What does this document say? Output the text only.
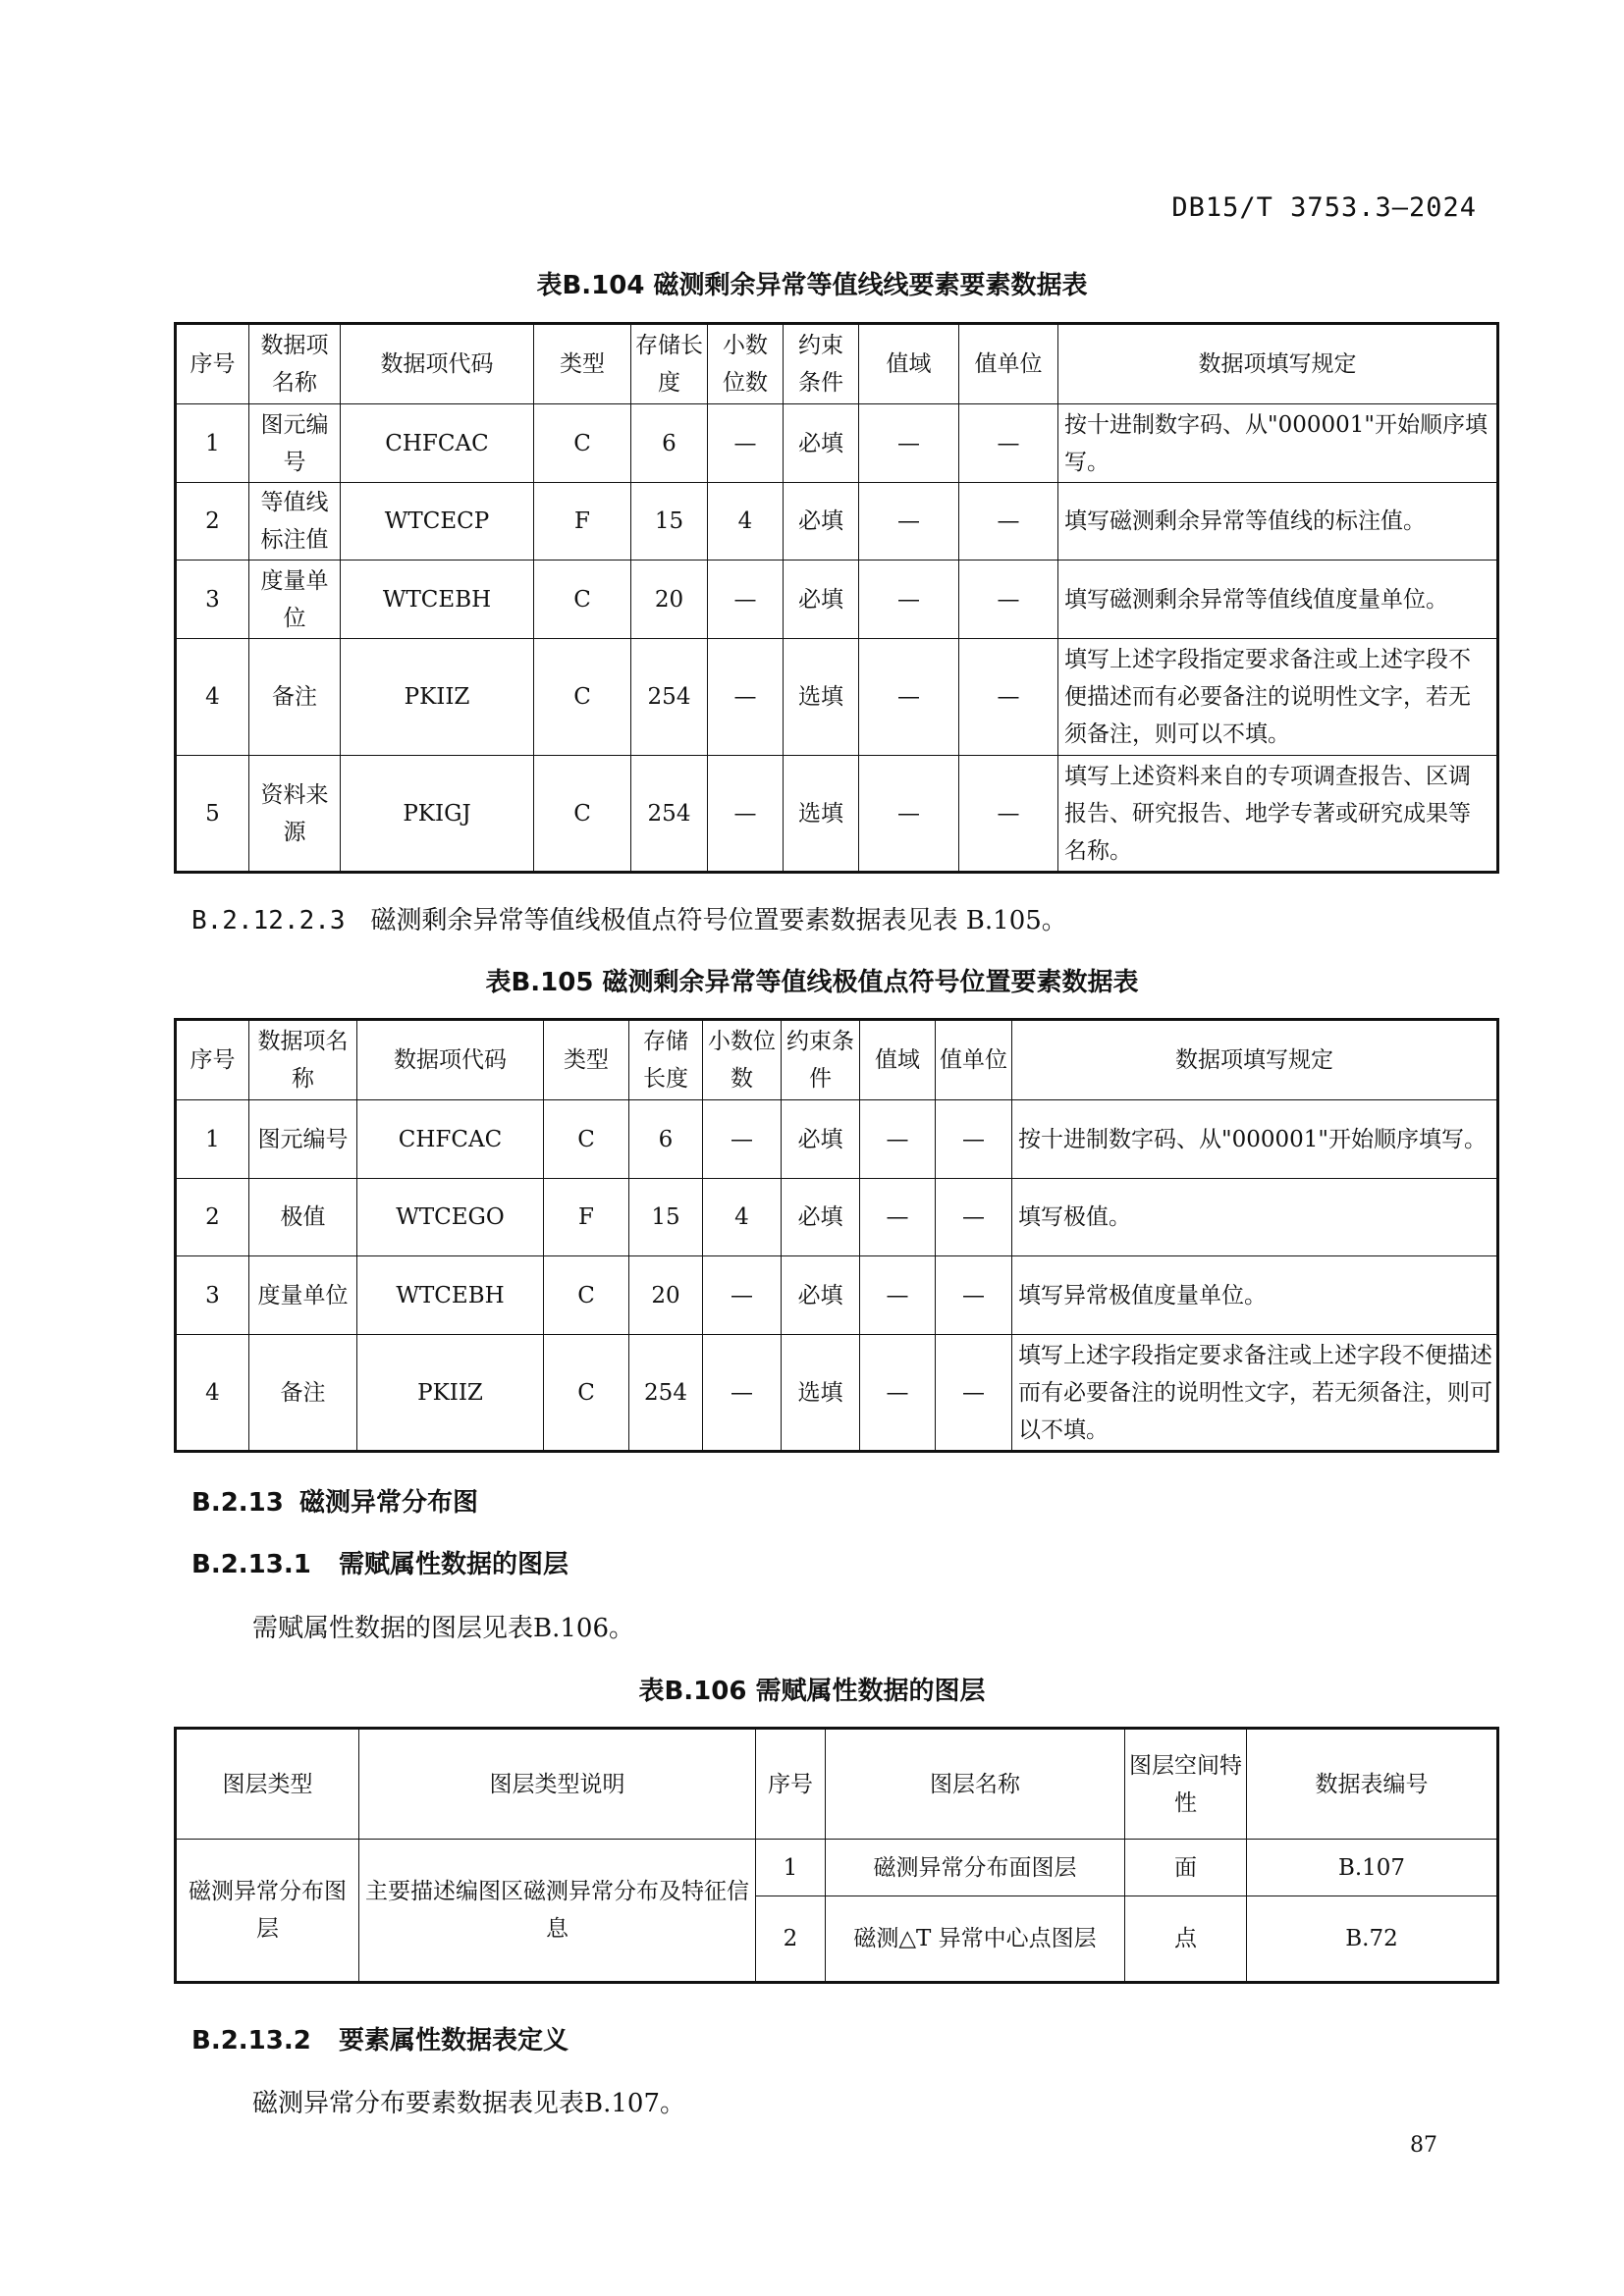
DB15/T 3753.3—2024
表B.104 磁测剩余异常等值线线要素要素数据表
序号	数据项名称	数据项代码	类型	存储长度	小数位数	约束条件	值域	值单位	数据项填写规定
1	图元编号	CHFCAC	C	6	—	必填	—	—	按十进制数字码、从"000001"开始顺序填写。
2	等值线标注值	WTCECP	F	15	4	必填	—	—	填写磁测剩余异常等值线的标注值。
3	度量单位	WTCEBH	C	20	—	必填	—	—	填写磁测剩余异常等值线值度量单位。
4	备注	PKIIZ	C	254	—	选填	—	—	填写上述字段指定要求备注或上述字段不便描述而有必要备注的说明性文字，若无须备注，则可以不填。
5	资料来源	PKIGJ	C	254	—	选填	—	—	填写上述资料来自的专项调查报告、区调报告、研究报告、地学专著或研究成果等名称。
B.2.12.2.3 磁测剩余异常等值线极值点符号位置要素数据表见表 B.105。
表B.105 磁测剩余异常等值线极值点符号位置要素数据表
序号	数据项名称	数据项代码	类型	存储长度	小数位数	约束条件	值域	值单位	数据项填写规定
1	图元编号	CHFCAC	C	6	—	必填	—	—	按十进制数字码、从"000001"开始顺序填写。
2	极值	WTCEGO	F	15	4	必填	—	—	填写极值。
3	度量单位	WTCEBH	C	20	—	必填	—	—	填写异常极值度量单位。
4	备注	PKIIZ	C	254	—	选填	—	—	填写上述字段指定要求备注或上述字段不便描述而有必要备注的说明性文字，若无须备注，则可以不填。
B.2.13 磁测异常分布图
B.2.13.1 需赋属性数据的图层
需赋属性数据的图层见表B.106。
表B.106 需赋属性数据的图层
图层类型	图层类型说明	序号	图层名称	图层空间特性	数据表编号
磁测异常分布图层	主要描述编图区磁测异常分布及特征信息	1	磁测异常分布面图层	面	B.107
		2	磁测△T 异常中心点图层	点	B.72
B.2.13.2 要素属性数据表定义
磁测异常分布要素数据表见表B.107。
87
